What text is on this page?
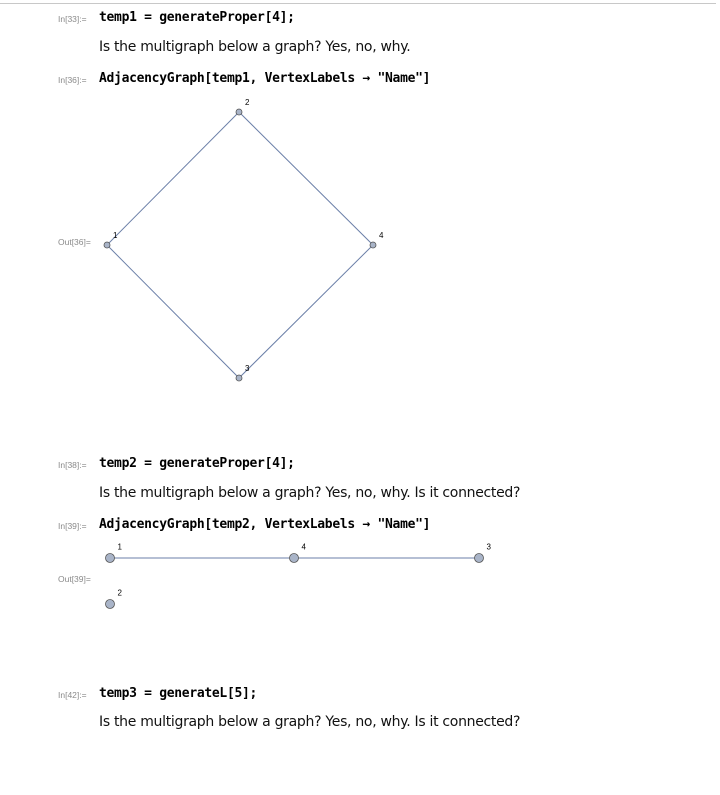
In[33]:= temp1 = generateProper[4];
Is the multigraph below a graph? Yes, no, why.
In[36]:= AdjacencyGraph[temp1, VertexLabels → "Name"]
Out[36]=
In[38]:= temp2 = generateProper[4];
Is the multigraph below a graph? Yes, no, why. Is it connected?
In[39]:= AdjacencyGraph[temp2, VertexLabels → "Name"]
Out[39]=
In[42]:= temp3 = generateL[5];
Is the multigraph below a graph? Yes, no, why. Is it connected?
1
2
3
4
1	4	3
2
